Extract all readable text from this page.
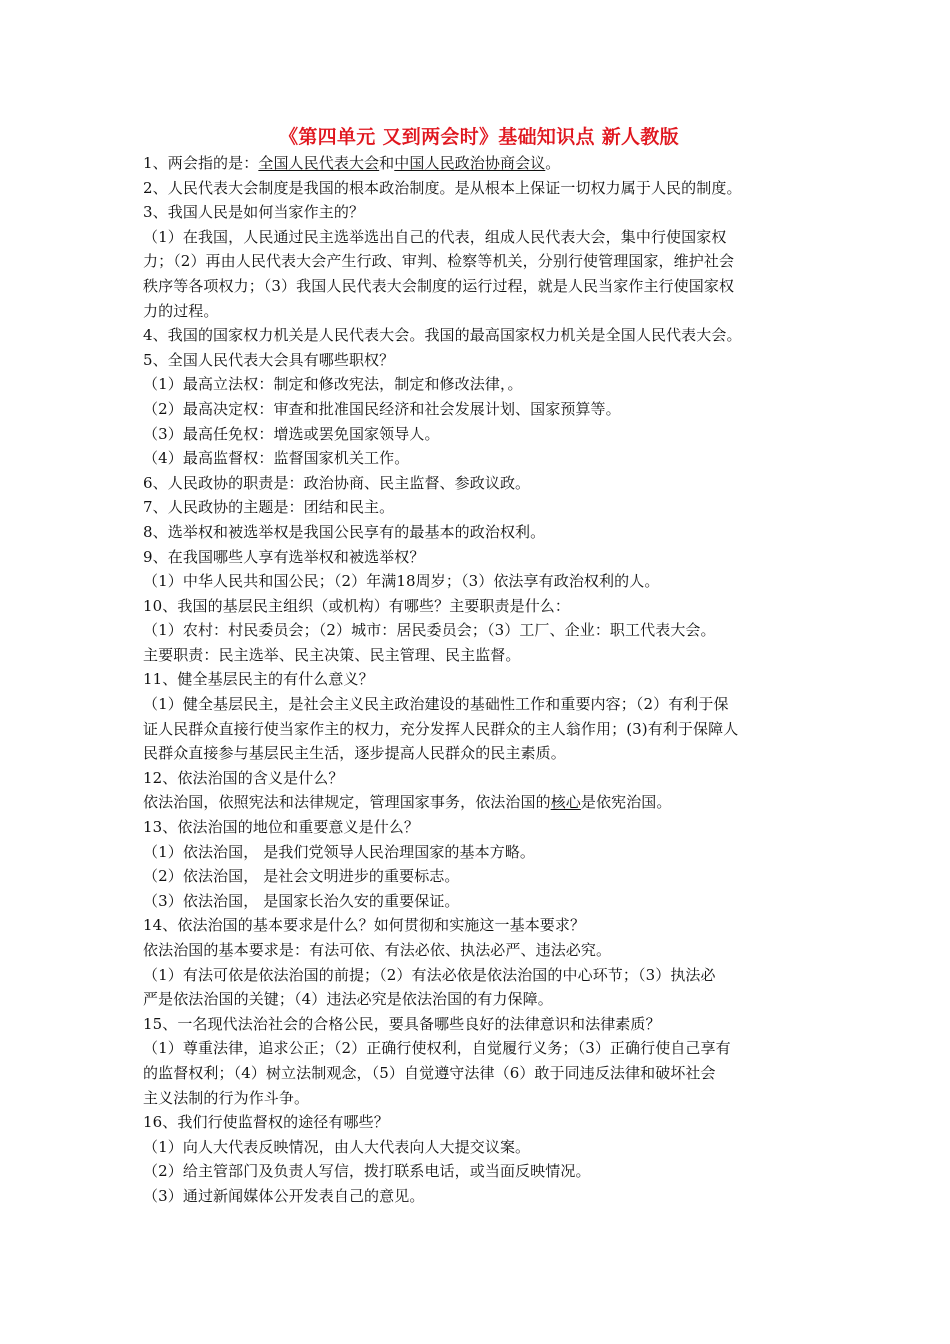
《第四单元 又到两会时》基础知识点 新人教版
1、两会指的是：全国人民代表大会和中国人民政治协商会议。
2、人民代表大会制度是我国的根本政治制度。是从根本上保证一切权力属于人民的制度。
3、我国人民是如何当家作主的？
（1）在我国，人民通过民主选举选出自己的代表，组成人民代表大会，集中行使国家权
力；（2）再由人民代表大会产生行政、审判、检察等机关，分别行使管理国家，维护社会
秩序等各项权力；（3）我国人民代表大会制度的运行过程，就是人民当家作主行使国家权
力的过程。
4、我国的国家权力机关是人民代表大会。我国的最高国家权力机关是全国人民代表大会。
5、全国人民代表大会具有哪些职权？
（1）最高立法权：制定和修改宪法，制定和修改法律，。
（2）最高决定权：审查和批准国民经济和社会发展计划、国家预算等。
（3）最高任免权：增选或罢免国家领导人。
（4）最高监督权：监督国家机关工作。
6、人民政协的职责是：政治协商、民主监督、参政议政。
7、人民政协的主题是：团结和民主。
8、选举权和被选举权是我国公民享有的最基本的政治权利。
9、在我国哪些人享有选举权和被选举权？
（1）中华人民共和国公民；（2）年满18周岁；（3）依法享有政治权利的人。
10、我国的基层民主组织（或机构）有哪些？主要职责是什么：
（1）农村：村民委员会；（2）城市：居民委员会；（3）工厂、企业：职工代表大会。
主要职责：民主选举、民主决策、民主管理、民主监督。
11、健全基层民主的有什么意义？
（1）健全基层民主，是社会主义民主政治建设的基础性工作和重要内容；（2）有利于保
证人民群众直接行使当家作主的权力，充分发挥人民群众的主人翁作用；(3)有利于保障人
民群众直接参与基层民主生活，逐步提高人民群众的民主素质。
12、依法治国的含义是什么？
依法治国，依照宪法和法律规定，管理国家事务，依法治国的核心是依宪治国。
13、依法治国的地位和重要意义是什么？
（1）依法治国， 是我们党领导人民治理国家的基本方略。
（2）依法治国， 是社会文明进步的重要标志。
（3）依法治国， 是国家长治久安的重要保证。
14、依法治国的基本要求是什么？如何贯彻和实施这一基本要求？
依法治国的基本要求是：有法可依、有法必依、执法必严、违法必究。
（1）有法可依是依法治国的前提；（2）有法必依是依法治国的中心环节；（3）执法必
严是依法治国的关键；（4）违法必究是依法治国的有力保障。
15、一名现代法治社会的合格公民，要具备哪些良好的法律意识和法律素质？
（1）尊重法律，追求公正；（2）正确行使权利，自觉履行义务；（3）正确行使自己享有
的监督权利；（4）树立法制观念，（5）自觉遵守法律（6）敢于同违反法律和破坏社会
主义法制的行为作斗争。
16、我们行使监督权的途径有哪些？
（1）向人大代表反映情况，由人大代表向人大提交议案。
（2）给主管部门及负责人写信，拨打联系电话，或当面反映情况。
（3）通过新闻媒体公开发表自己的意见。
